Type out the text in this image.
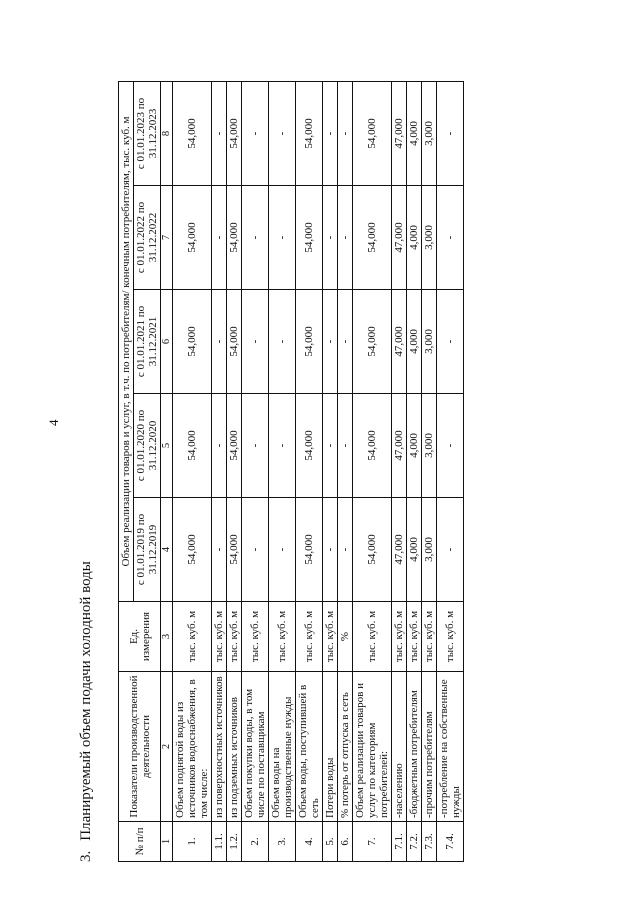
4
3.Планируемый объем подачи холодной воды
№ п/п	Показатели производственной деятельности	Ед. измерения	Объем реализации товаров и услуг, в т.ч. по потребителям/ конечным потребителям, тыс. куб. м				
			с 01.01.2019 по 31.12.2019	с 01.01.2020 по 31.12.2020	с 01.01.2021 по 31.12.2021	с 01.01.2022 по 31.12.2022	с 01.01.2023 по 31.12.2023
1	2	3	4	5	6	7	8
1.	Объем поднятой воды из источников водоснабжения, в том числе:	тыс. куб. м	54,000	54,000	54,000	54,000	54,000
1.1.	из поверхностных источников	тыс. куб. м	-	-	-	-	-
1.2.	из подземных источников	тыс. куб. м	54,000	54,000	54,000	54,000	54,000
2.	Объем покупки воды, в том числе по поставщикам	тыс. куб. м	-	-	-	-	-
3.	Объем воды на производственные нужды	тыс. куб. м	-	-	-	-	-
4.	Объем воды, поступившей в сеть	тыс. куб. м	54,000	54,000	54,000	54,000	54,000
5.	Потери воды	тыс. куб. м	-	-	-	-	-
6.	% потерь от отпуска в сеть	%	-	-	-	-	-
7.	Объем реализации товаров и услуг по категориям потребителей:	тыс. куб. м	54,000	54,000	54,000	54,000	54,000
7.1.	-населению	тыс. куб. м	47,000	47,000	47,000	47,000	47,000
7.2.	-бюджетным потребителям	тыс. куб. м	4,000	4,000	4,000	4,000	4,000
7.3.	-прочим потребителям	тыс. куб. м	3,000	3,000	3,000	3,000	3,000
7.4.	-потребление на собственные нужды	тыс. куб. м	-	-	-	-	-
